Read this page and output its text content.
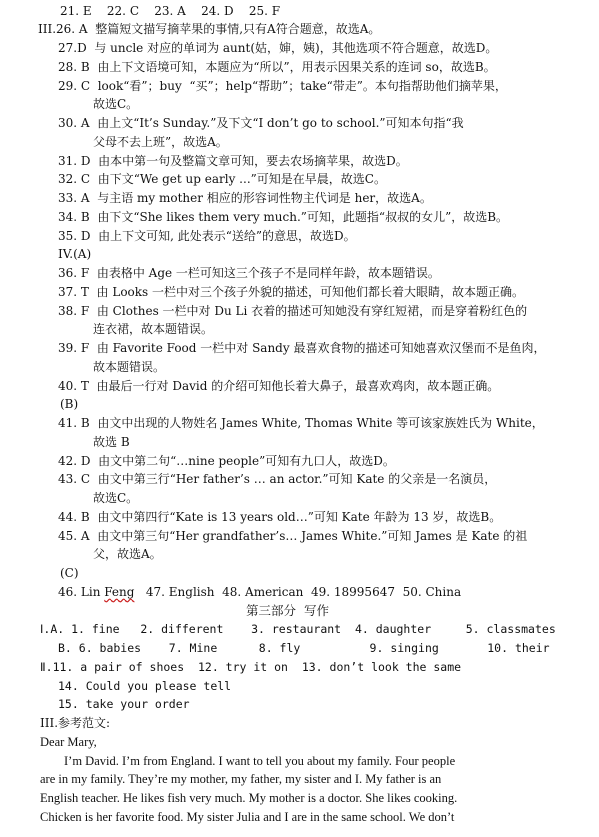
21. E    22. C    23. A    24. D    25. F
III.26. A  整篇短文描写摘苹果的事情,只有A符合题意，故选A。
27.D  与 uncle 对应的单词为 aunt(姑，婶，姨)，其他选项不符合题意，故选D。
28. B  由上下文语境可知，本题应为“所以”，用表示因果关系的连词 so，故选B。
29. C  look“看”；buy  “买”；help“帮助”；take“带走”。本句指帮助他们摘苹果，
故选C。
30. A  由上文“It’s Sunday.”及下文“I don’t go to school.”可知本句指“我
父母不去上班”，故选A。
31. D  由本中第一句及整篇文章可知，要去农场摘苹果，故选D。
32. C  由下文“We get up early ...”可知是在早晨，故选C。
33. A  与主语 my mother 相应的形容词性物主代词是 her，故选A。
34. B  由下文“She likes them very much.”可知，此题指“叔叔的女儿”，故选B。
35. D  由上下文可知, 此处表示“送给”的意思，故选D。
IV.(A)
36. F  由表格中 Age 一栏可知这三个孩子不是同样年龄，故本题错误。
37. T  由 Looks 一栏中对三个孩子外貌的描述，可知他们都长着大眼睛，故本题正确。
38. F  由 Clothes 一栏中对 Du Li 衣着的描述可知她没有穿红短裙，而是穿着粉红色的
连衣裙，故本题错误。
39. F  由 Favorite Food 一栏中对 Sandy 最喜欢食物的描述可知她喜欢汉堡而不是鱼肉，
故本题错误。
40. T  由最后一行对 David 的介绍可知他长着大鼻子，最喜欢鸡肉，故本题正确。
(B)
41. B  由文中出现的人物姓名 James White, Thomas White 等可该家族姓氏为 White，
故选 B
42. D  由文中第二句“…nine people”可知有九口人，故选D。
43. C  由文中第三行“Her father’s … an actor.”可知 Kate 的父亲是一名演员，
故选C。
44. B  由文中第四行“Kate is 13 years old…”可知 Kate 年龄为 13 岁，故选B。
45. A  由文中第三句“Her grandfather’s… James White.”可知 James 是 Kate 的祖
父，故选A。
(C)
46. Lin Feng   47. English  48. American  49. 18995647  50. China
第三部分  写作
Ⅰ.A. 1. fine   2. different    3. restaurant  4. daughter     5. classmates
B. 6. babies    7. Mine      8. fly          9. singing       10. their
Ⅱ.11. a pair of shoes  12. try it on  13. don’t look the same
14. Could you please tell
15. take your order
III.参考范文:
Dear Mary,
I’m David. I’m from England. I want to tell you about my family. Four people
are in my family. They’re my mother, my father, my sister and I. My father is an
English teacher. He likes fish very much. My mother is a doctor. She likes cooking.
Chicken is her favorite food. My sister Julia and I are in the same school. We don’t
